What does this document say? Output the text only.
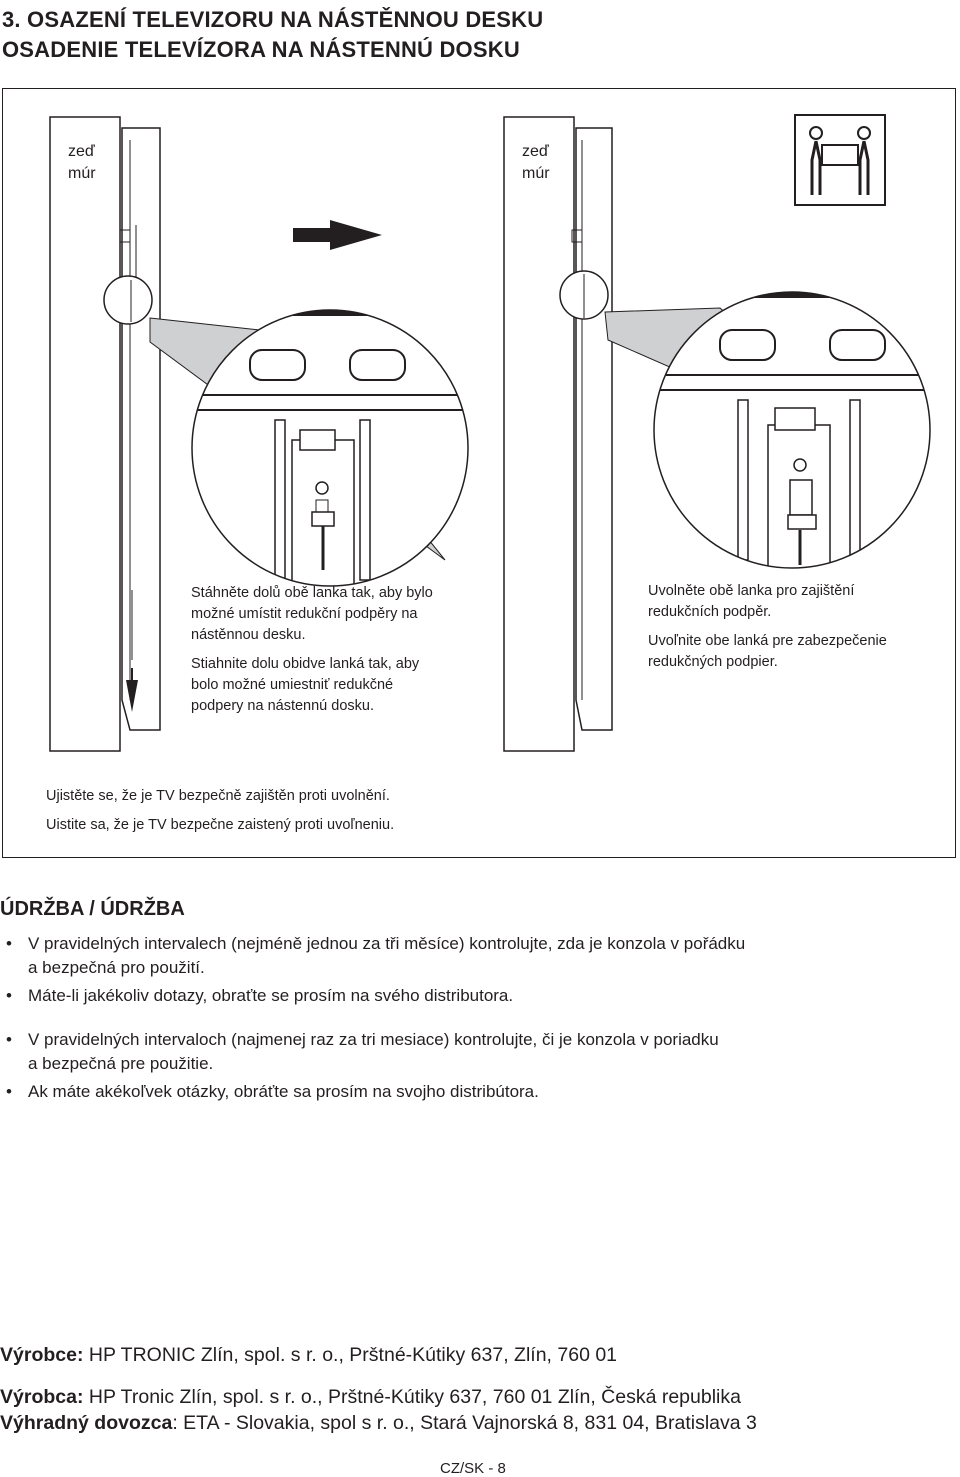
3. OSAZENÍ TELEVIZORU NA NÁSTĚNNOU DESKU
OSADENIE TELEVÍZORA NA NÁSTENNÚ DOSKU
zeď
múr
zeď
múr
Stáhněte dolů obě lanka tak, aby bylo
možné umístit redukční podpěry na
nástěnnou desku.
Stiahnite dolu obidve lanká tak, aby
bolo možné umiestniť redukčné
podpery na nástennú dosku.
Uvolněte obě lanka pro zajištění
redukčních podpěr.
Uvoľnite obe lanká pre zabezpečenie
redukčných podpier.
Ujistěte se, že je TV bezpečně zajištěn proti uvolnění.
Uistite sa, že je TV bezpečne zaistený proti uvoľneniu.
ÚDRŽBA / ÚDRŽBA
• V pravidelných intervalech (nejméně jednou za tři měsíce) kontrolujte, zda je konzola v pořádku
a bezpečná pro použití.
• Máte-li jakékoliv dotazy, obraťte se prosím na svého distributora.
• V pravidelných intervaloch (najmenej raz za tri mesiace) kontrolujte, či je konzola v poriadku
a bezpečná pre použitie.
• Ak máte akékoľvek otázky, obráťte sa prosím na svojho distribútora.
Výrobce: HP TRONIC Zlín, spol. s r. o., Prštné-Kútiky 637, Zlín, 760 01
Výrobca: HP Tronic Zlín, spol. s r. o., Prštné-Kútiky 637, 760 01 Zlín, Česká republika
Výhradný dovozca: ETA - Slovakia, spol s r. o., Stará Vajnorská 8, 831 04, Bratislava 3
CZ/SK - 8
